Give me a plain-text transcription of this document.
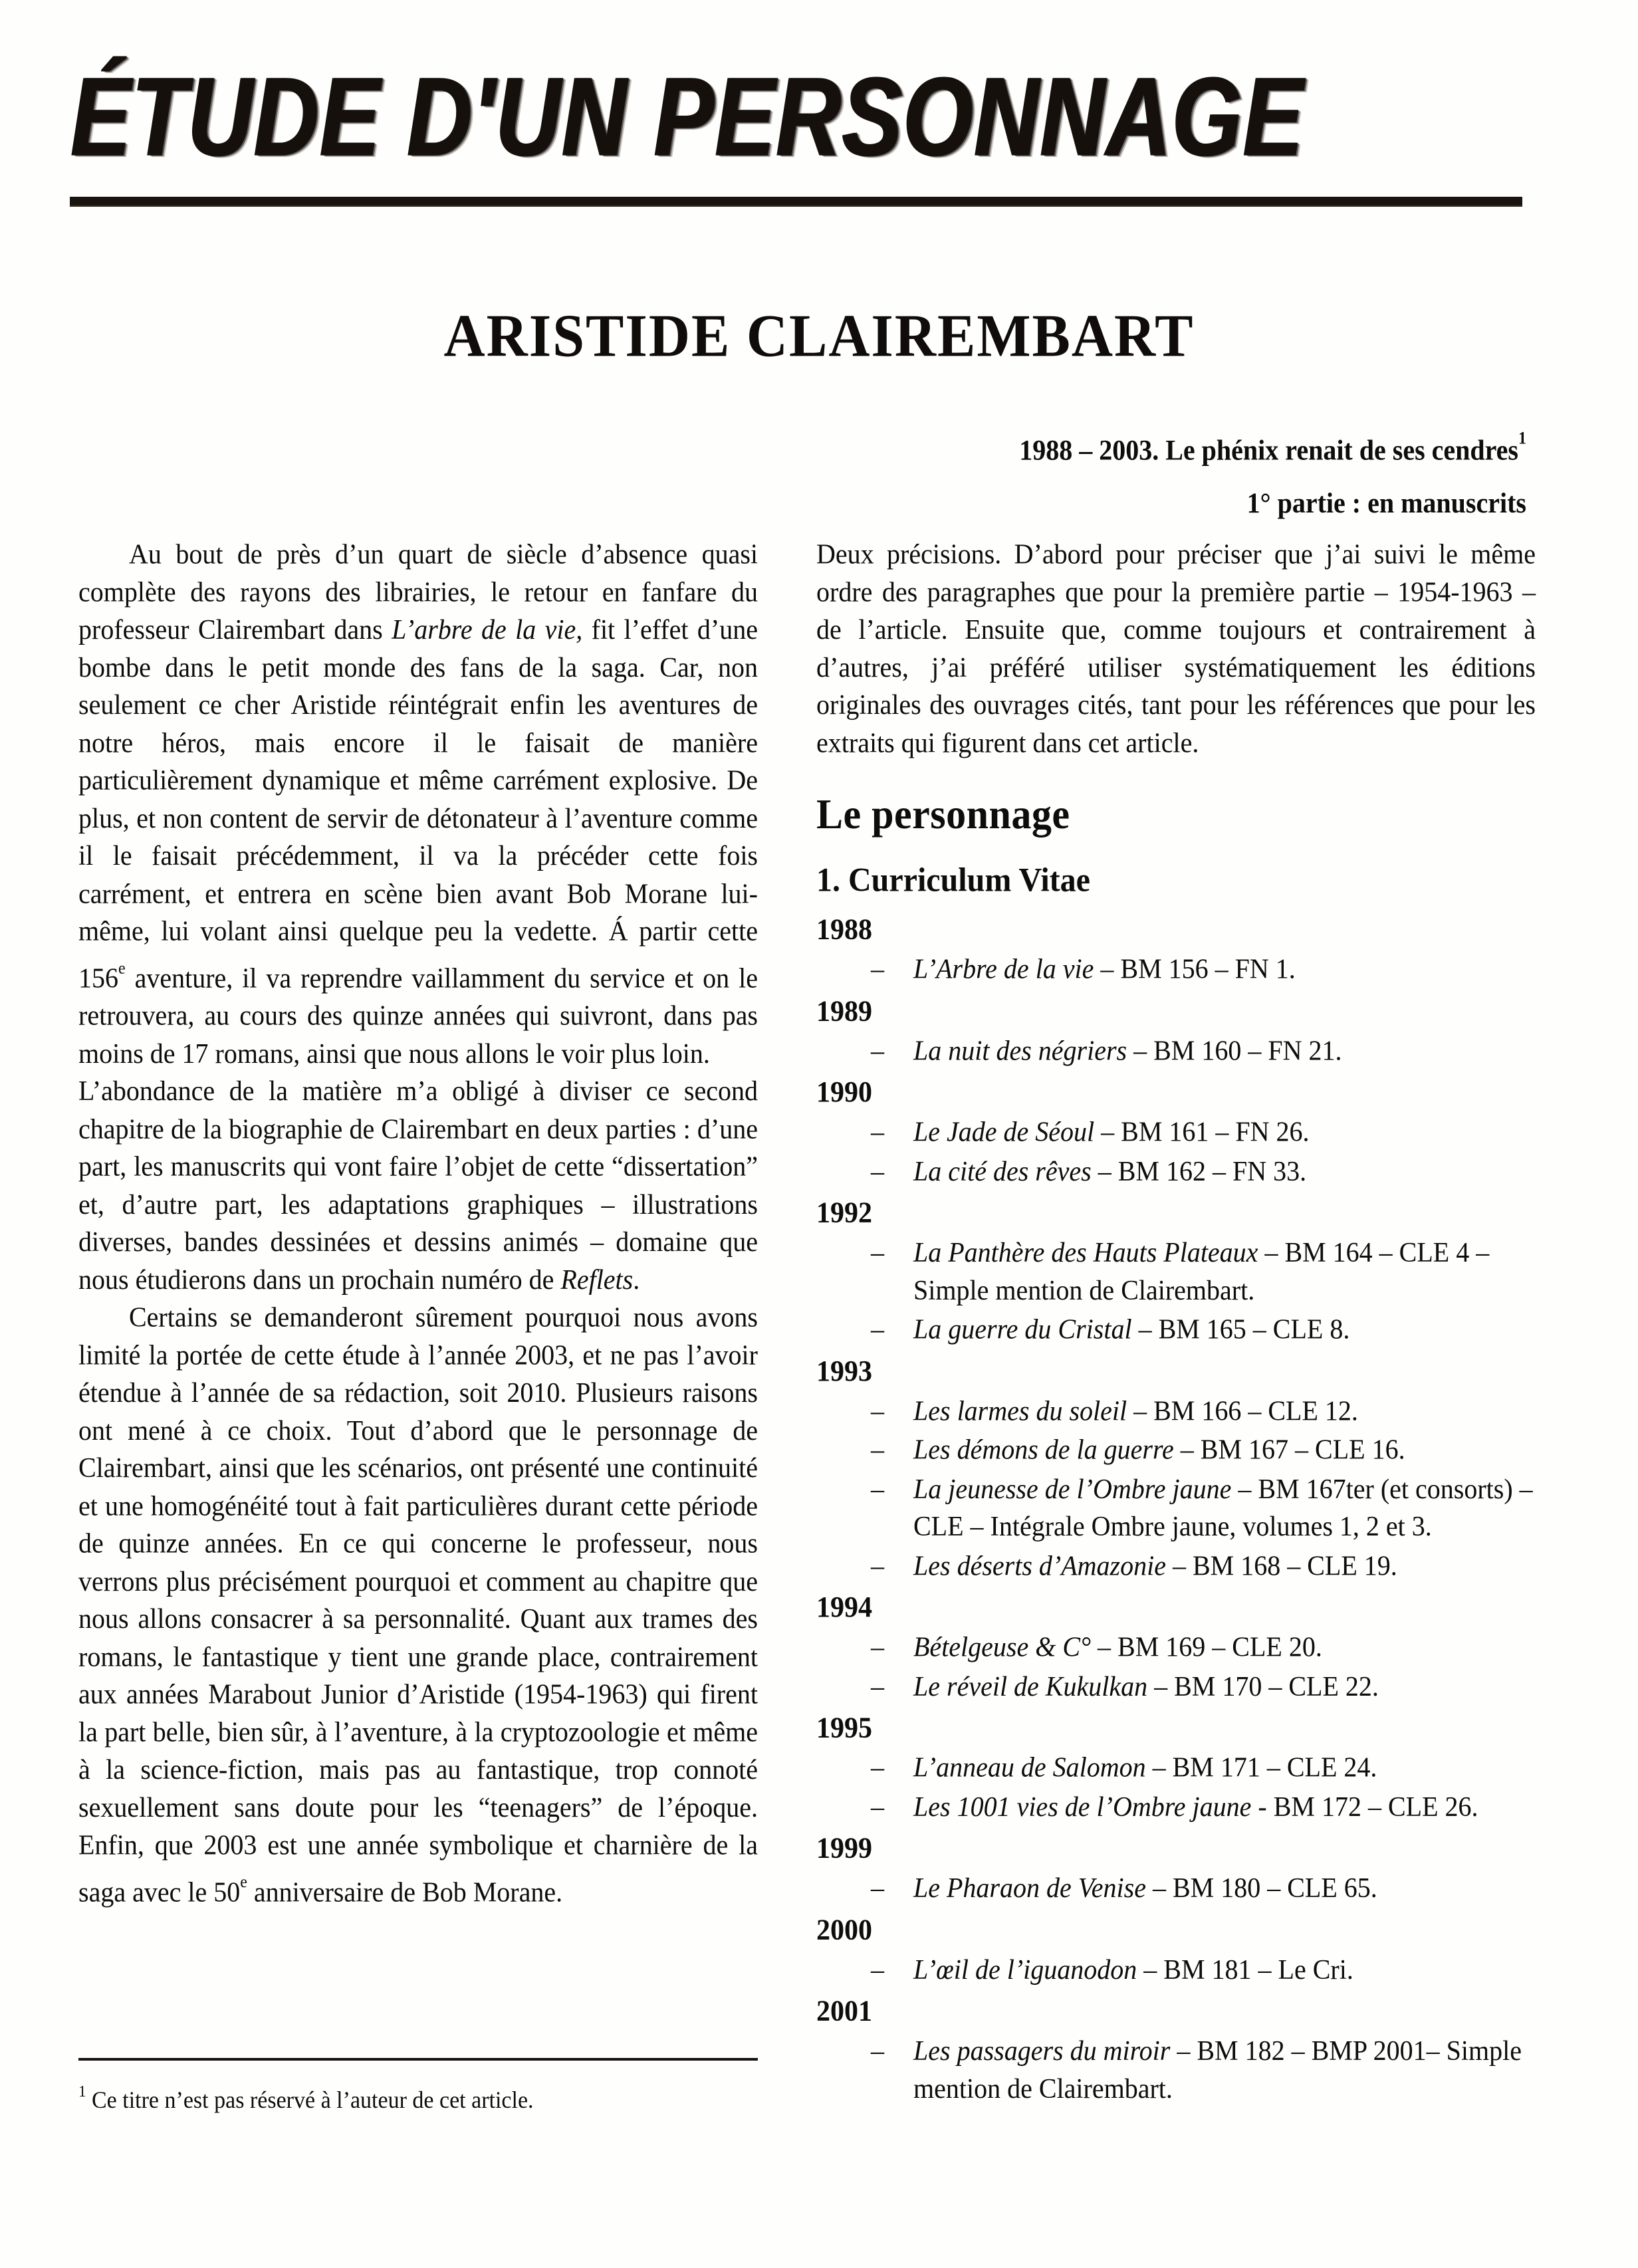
ÉTUDE D'UN PERSONNAGE
ARISTIDE CLAIREMBART
1988 – 2003. Le phénix renait de ses cendres$^1$
1° partie : en manuscrits

Au bout de près d’un quart de siècle d’absence quasi complète des rayons des librairies, le retour en fanfare du professeur Clairembart dans L’arbre de la vie, fit l’effet d’une bombe dans le petit monde des fans de la saga. Car, non seulement ce cher Aristide réintégrait enfin les aventures de notre héros, mais encore il le faisait de manière particulièrement dynamique et même carrément explosive. De plus, et non content de servir de détonateur à l’aventure comme il le faisait précédemment, il va la précéder cette fois carrément, et entrera en scène bien avant Bob Morane lui-même, lui volant ainsi quelque peu la vedette. Á partir cette 156e aventure, il va reprendre vaillamment du service et on le retrouvera, au cours des quinze années qui suivront, dans pas moins de 17 romans, ainsi que nous allons le voir plus loin.

L’abondance de la matière m’a obligé à diviser ce second chapitre de la biographie de Clairembart en deux parties : d’une part, les manuscrits qui vont faire l’objet de cette “dissertation” et, d’autre part, les adaptations graphiques – illustrations diverses, bandes dessinées et dessins animés – domaine que nous étudierons dans un prochain numéro de Reflets.

Certains se demanderont sûrement pourquoi nous avons limité la portée de cette étude à l’année 2003, et ne pas l’avoir étendue à l’année de sa rédaction, soit 2010. Plusieurs raisons ont mené à ce choix. Tout d’abord que le personnage de Clairembart, ainsi que les scénarios, ont présenté une continuité et une homogénéité tout à fait particulières durant cette période de quinze années. En ce qui concerne le professeur, nous verrons plus précisément pourquoi et comment au chapitre que nous allons consacrer à sa personnalité. Quant aux trames des romans, le fantastique y tient une grande place, contrairement aux années Marabout Junior d’Aristide (1954-1963) qui firent la part belle, bien sûr, à l’aventure, à la cryptozoologie et même à la science-fiction, mais pas au fantastique, trop connoté sexuellement sans doute pour les “teenagers” de l’époque. Enfin, que 2003 est une année symbolique et charnière de la saga avec le 50e anniversaire de Bob Morane.

$^1$ Ce titre n’est pas réservé à l’auteur de cet article.

Deux précisions. D’abord pour préciser que j’ai suivi le même ordre des paragraphes que pour la première partie – 1954-1963 – de l’article. Ensuite que, comme toujours et contrairement à d’autres, j’ai préféré utiliser systématiquement les éditions originales des ouvrages cités, tant pour les références que pour les extraits qui figurent dans cet article.

Le personnage
1. Curriculum Vitae
1988
– L’Arbre de la vie – BM 156 – FN 1.
1989
– La nuit des négriers – BM 160 – FN 21.
1990
– Le Jade de Séoul – BM 161 – FN 26.
– La cité des rêves – BM 162 – FN 33.
1992
– La Panthère des Hauts Plateaux – BM 164 – CLE 4 – Simple mention de Clairembart.
– La guerre du Cristal – BM 165 – CLE 8.
1993
– Les larmes du soleil – BM 166 – CLE 12.
– Les démons de la guerre – BM 167 – CLE 16.
– La jeunesse de l’Ombre jaune – BM 167ter (et consorts) – CLE – Intégrale Ombre jaune, volumes 1, 2 et 3.
– Les déserts d’Amazonie – BM 168 – CLE 19.
1994
– Bételgeuse & C° – BM 169 – CLE 20.
– Le réveil de Kukulkan – BM 170 – CLE 22.
1995
– L’anneau de Salomon – BM 171 – CLE 24.
– Les 1001 vies de l’Ombre jaune - BM 172 – CLE 26.
1999
– Le Pharaon de Venise – BM 180 – CLE 65.
2000
– L’œil de l’iguanodon – BM 181 – Le Cri.
2001
– Les passagers du miroir – BM 182 – BMP 2001– Simple mention de Clairembart.
